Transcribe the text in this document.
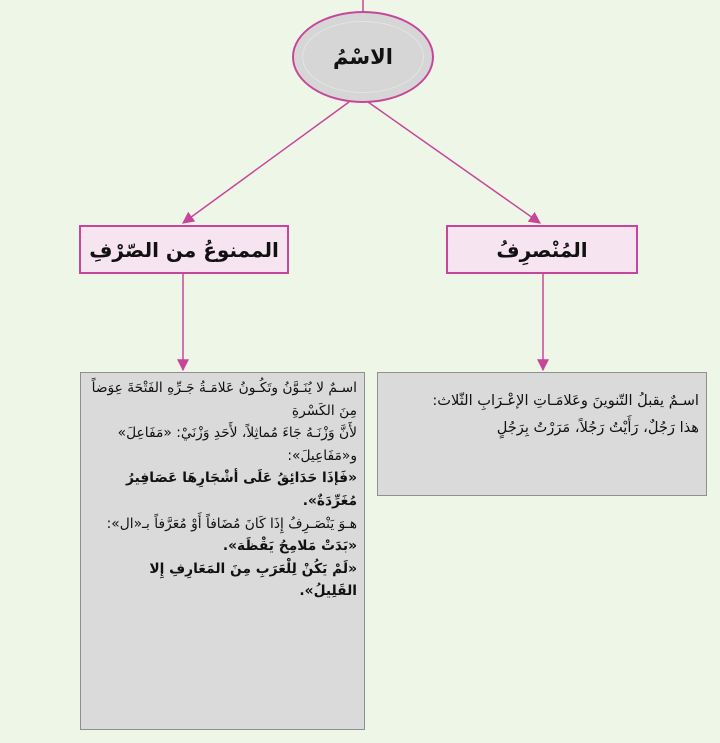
الاسْمُ
الممنوعُ من الصّرْفِ	المُنْصرِفُ

اسـمٌ لا يُنَـوَّنُ وتَكُـونُ عَلامَـةُ جَـرِّهِ الفَتْحَةَ عِوَضاً مِنَ الكَسْرةِ

لأَنَّ وَزْنَـهُ جَاءَ مُماثِلاً، لأَحَدِ وَزْنَيْ: «مَفَاعِلَ» و«مَفَاعِيلَ»:

«فَإذَا حَدَائِقُ عَلَى أشْجَارِهَا عَصَافِيرُ مُغَرِّدَةٌ».

هـوَ يَنْصَـرِفُ إِذَا كَانَ مُضَافاً أَوْ مُعَرَّفاً بـ«ال»:

«بَدَتْ مَلامِحُ يَقْظَة».

«لَمْ يَكُنْ لِلْعَرَبِ مِنَ المَعَارِفِ إِلا القَلِيلُ».

اسـمٌ يقبلُ التّنوينَ وعَلامَـاتِ الإعْـرَابِ الثّلاث:

هذا رَجُلٌ، رَأَيْتُ رَجُلاً، مَرَرْتُ بِرَجُلٍ
